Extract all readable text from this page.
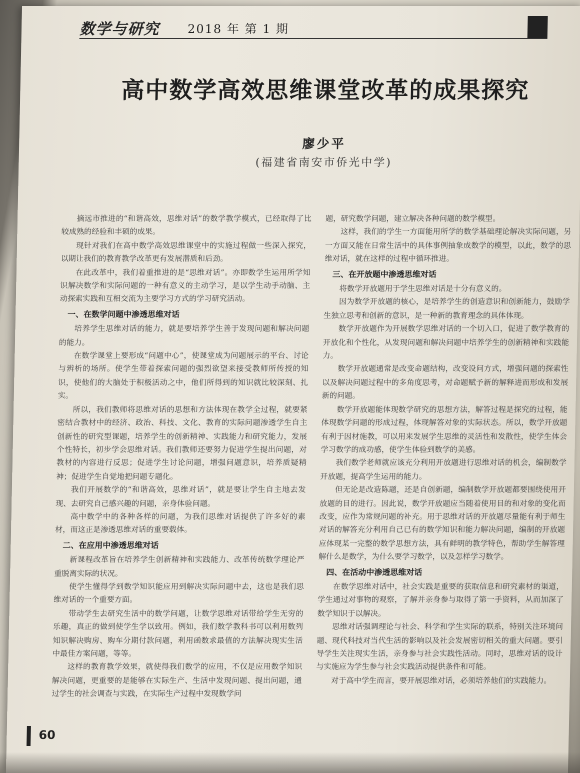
数学与研究 2018 年 第 1 期
高中数学高效思维课堂改革的成果探究
廖少平
(福建省南安市侨光中学)

摘远市推进的“和谐高效，思维对话”的数学教学模式，已经取得了比较成熟的经验和丰硕的成果。

现针对我们在高中数学高效思维课堂中的实施过程做一些深入探究，以期让我们的教育教学改革更有发展潜质和后劲。

在此改革中，我们着重推进的是“思维对话”。亦即数学生运用所学知识解决数学和实际问题的一种有意义的主动学习，是以学生动手动脑、主动探索实践和互相交流为主要学习方式的学习研究活动。

一、在数学问题中渗透思维对话

培养学生思维对话的能力，就是要培养学生善于发现问题和解决问题的能力。

在数学课堂上要形成“问题中心”，使课堂成为问题展示的平台、讨论与辨析的场所。使学生带着探索问题的强烈欲望来接受教师所传授的知识，使他们的大脑处于积极活动之中，他们所得到的知识就比较深刻、扎实。

所以，我们教师将思维对话的思想和方法体现在教学全过程，就要紧密结合教材中的经济、政治、科技、文化、教育的实际问题渗透学生自主创新性的研究型课题，培养学生的创新精神、实践能力和研究能力，发展个性特长，初步学会思维对话。我们教师还要努力促进学生提出问题，对教材的内容进行反思；促进学生讨论问题，增强问题意识，培养质疑精神；促进学生自觉地把问题专题化。

我们开展数学的“和谐高效，思维对话”，就是要让学生自主地去发现、去研究自己感兴趣的问题，亲身体验问题。

高中数学中的各种各样的问题，为我们思维对话提供了许多好的素材，而这正是渗透思维对话的重要载体。

二、在应用中渗透思维对话

新课程改革旨在培养学生创新精神和实践能力、改革传统数学理论严重脱离实际的状况。

使学生懂得学到数学知识能应用到解决实际问题中去，这也是我们思维对话的一个重要方面。

带动学生去研究生活中的数学问题，让数学思维对话带给学生无穷的乐趣，真正的做到使学生学以致用。例如，我们数学教科书可以利用数列知识解决购房、购车分期付款问题，利用函数求最值的方法解决现实生活中最佳方案问题，等等。

这样的教育教学效果，就使得我们数学的应用，不仅是应用数学知识解决问题，更重要的是能够在实际生产、生活中发现问题、提出问题，通过学生的社会调查与实践，在实际生产过程中发现数学问

题，研究数学问题，建立解决各种问题的数学模型。

这样，我们的学生一方面能用所学的数学基础理论解决实际问题，另一方面又能在日常生活中的具体事例抽象成数学的模型，以此，数学的思维对话，就在这样的过程中循环推进。

三、在开放题中渗透思维对话

将数学开放题用于学生思维对话是十分有意义的。

因为数学开放题的核心，是培养学生的创造意识和创新能力，鼓励学生独立思考和创新的意识，是一种新的教育理念的具体体现。

数学开放题作为开展数学思维对话的一个切入口，促进了数学教育的开放化和个性化，从发现问题和解决问题中培养学生的创新精神和实践能力。

数学开放题通常是改变命题结构，改变设问方式，增强问题的探索性以及解决问题过程中的多角度思考，对命题赋予新的解释进而形成和发展新的问题。

数学开放题能体现数学研究的思想方法，解答过程是探究的过程，能体现数学问题的形成过程，体现解答对象的实际状态。所以，数学开放题有利于因材施教，可以用来发展学生思维的灵活性和发散性，使学生体会学习数学的成功感，使学生体验到数学的美感。

我们数学老师就应该充分利用开放题进行思维对话的机会，编制数学开放题，提高学生运用的能力。

但无论是改造陈题，还是自创新题，编制数学开放题都要围绕使用开放题的目的进行。因此说，数学开放题应当随着使用目的和对象的变化而改变，应作为常规问题的补充。用于思维对话的开放题尽量能有利于师生对话的解答充分利用自己已有的数学知识和能力解决问题，编制的开放题应体现某一完整的数学思想方法，具有鲜明的教学特色，帮助学生解答理解什么是数学，为什么要学习数学，以及怎样学习数学。

四、在活动中渗透思维对话

在数学思维对话中，社会实践是重要的获取信息和研究素材的渠道，学生通过对事物的观察，了解并亲身参与取得了第一手资料，从而加深了数学知识于以解决。

思维对话强调理论与社会、科学和学生实际的联系，特别关注环境问题、现代科技对当代生活的影响以及社会发展密切相关的重大问题。要引导学生关注现实生活，亲身参与社会实践性活动。同时，思维对话的设计与实施应为学生参与社会实践活动提供条件和可能。

对于高中学生而言，要开展思维对话，必须培养他们的实践能力。

60
